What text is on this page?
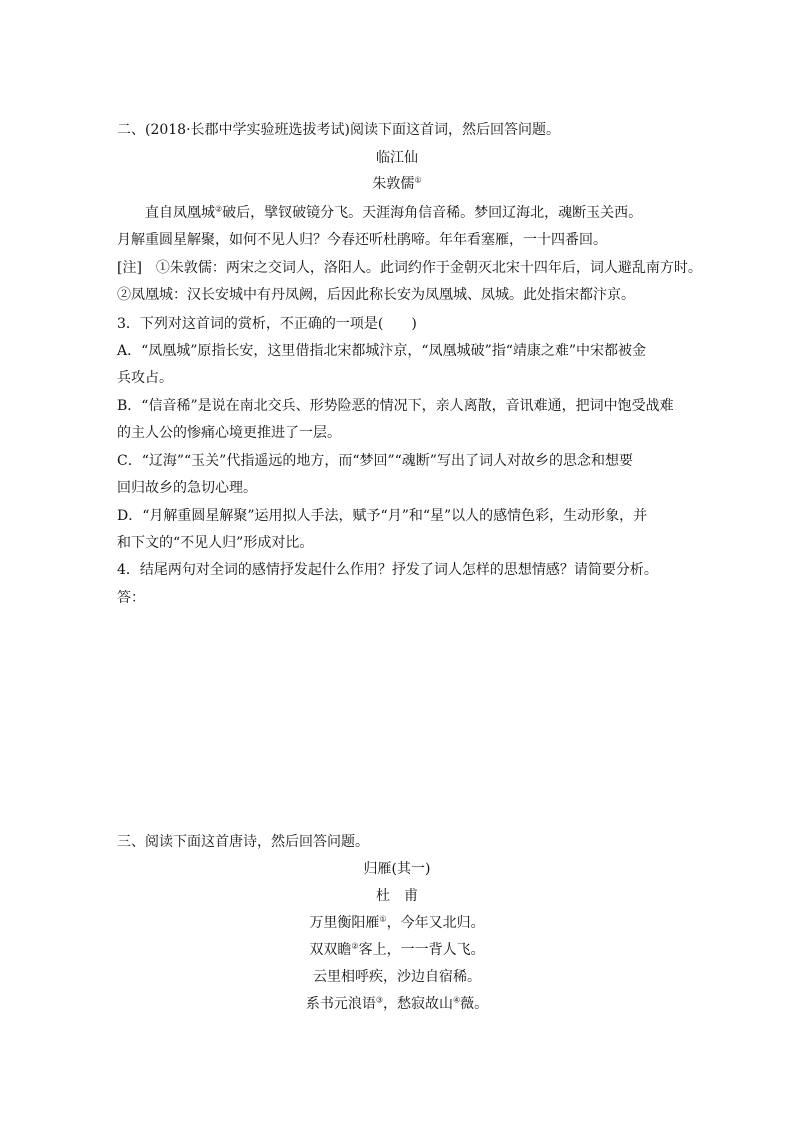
二、(2018·长郡中学实验班选拔考试)阅读下面这首词，然后回答问题。
临江仙
朱敦儒①
直自凤凰城②破后，擘钗破镜分飞。天涯海角信音稀。梦回辽海北，魂断玉关西。
月解重圆星解聚，如何不见人归？今春还听杜鹃啼。年年看塞雁，一十四番回。
[注]　①朱敦儒：两宋之交词人，洛阳人。此词约作于金朝灭北宋十四年后，词人避乱南方时。
②凤凰城：汉长安城中有丹凤阙，后因此称长安为凤凰城、凤城。此处指宋都汴京。
3．下列对这首词的赏析，不正确的一项是(　　)
A．“凤凰城”原指长安，这里借指北宋都城汴京，“凤凰城破”指“靖康之难”中宋都被金
兵攻占。
B．“信音稀”是说在南北交兵、形势险恶的情况下，亲人离散，音讯难通，把词中饱受战难
的主人公的惨痛心境更推进了一层。
C．“辽海”“玉关”代指遥远的地方，而“梦回”“魂断”写出了词人对故乡的思念和想要
回归故乡的急切心理。
D．“月解重圆星解聚”运用拟人手法，赋予“月”和“星”以人的感情色彩，生动形象，并
和下文的“不见人归”形成对比。
4．结尾两句对全词的感情抒发起什么作用？抒发了词人怎样的思想情感？请简要分析。
答：
三、阅读下面这首唐诗，然后回答问题。
归雁(其一)
杜　甫
万里衡阳雁①，今年又北归。
双双瞻②客上，一一背人飞。
云里相呼疾，沙边自宿稀。
系书元浪语③，愁寂故山④薇。
